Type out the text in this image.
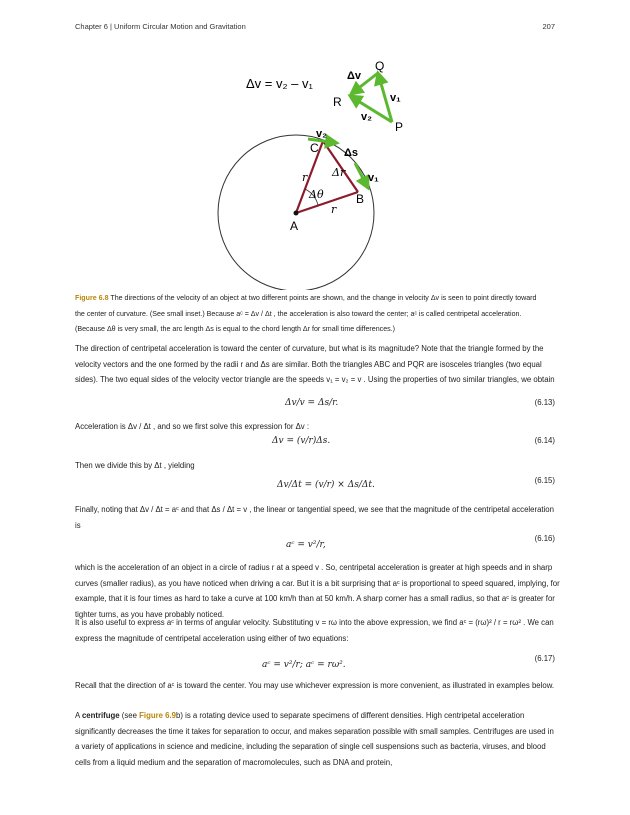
Chapter 6 | Uniform Circular Motion and Gravitation	207
Δv = v₂ – v₁
Q
R
P
Δv
v₁
v₂
C
B
A
v₂
v₁
Δs
Δr
r
r
Δθ
Figure 6.8 The directions of the velocity of an object at two different points are shown, and the change in velocity Δv is seen to point directly toward
the center of curvature. (See small inset.) Because aᶜ = Δv / Δt , the acceleration is also toward the center; aᶜ is called centripetal acceleration.
(Because Δθ is very small, the arc length Δs is equal to the chord length Δr for small time differences.)
The direction of centripetal acceleration is toward the center of curvature, but what is its magnitude? Note that the triangle formed by the velocity vectors and the one formed by the radii r and Δs are similar. Both the triangles ABC and PQR are isosceles triangles (two equal sides). The two equal sides of the velocity vector triangle are the speeds v₁ = v₂ = v . Using the properties of two similar triangles, we obtain
Δv/v = Δs/r.	(6.13)
Acceleration is Δv / Δt , and so we first solve this expression for Δv :
Δv = (v/r)Δs.	(6.14)
Then we divide this by Δt , yielding
Δv/Δt = (v/r) × Δs/Δt.	(6.15)
Finally, noting that Δv / Δt = aᶜ and that Δs / Δt = v , the linear or tangential speed, we see that the magnitude of the centripetal acceleration is
aᶜ = v²/r,
(6.16)
which is the acceleration of an object in a circle of radius r at a speed v . So, centripetal acceleration is greater at high speeds and in sharp curves (smaller radius), as you have noticed when driving a car. But it is a bit surprising that aᶜ is proportional to speed squared, implying, for example, that it is four times as hard to take a curve at 100 km/h than at 50 km/h. A sharp corner has a small radius, so that aᶜ is greater for tighter turns, as you have probably noticed.
It is also useful to express aᶜ in terms of angular velocity. Substituting v = rω into the above expression, we find aᶜ = (rω)² / r = rω² . We can express the magnitude of centripetal acceleration using either of two equations:
aᶜ = v²/r; aᶜ = rω².
(6.17)
Recall that the direction of aᶜ is toward the center. You may use whichever expression is more convenient, as illustrated in examples below.
A centrifuge (see Figure 6.9b) is a rotating device used to separate specimens of different densities. High centripetal acceleration significantly decreases the time it takes for separation to occur, and makes separation possible with small samples. Centrifuges are used in a variety of applications in science and medicine, including the separation of single cell suspensions such as bacteria, viruses, and blood cells from a liquid medium and the separation of macromolecules, such as DNA and protein,
